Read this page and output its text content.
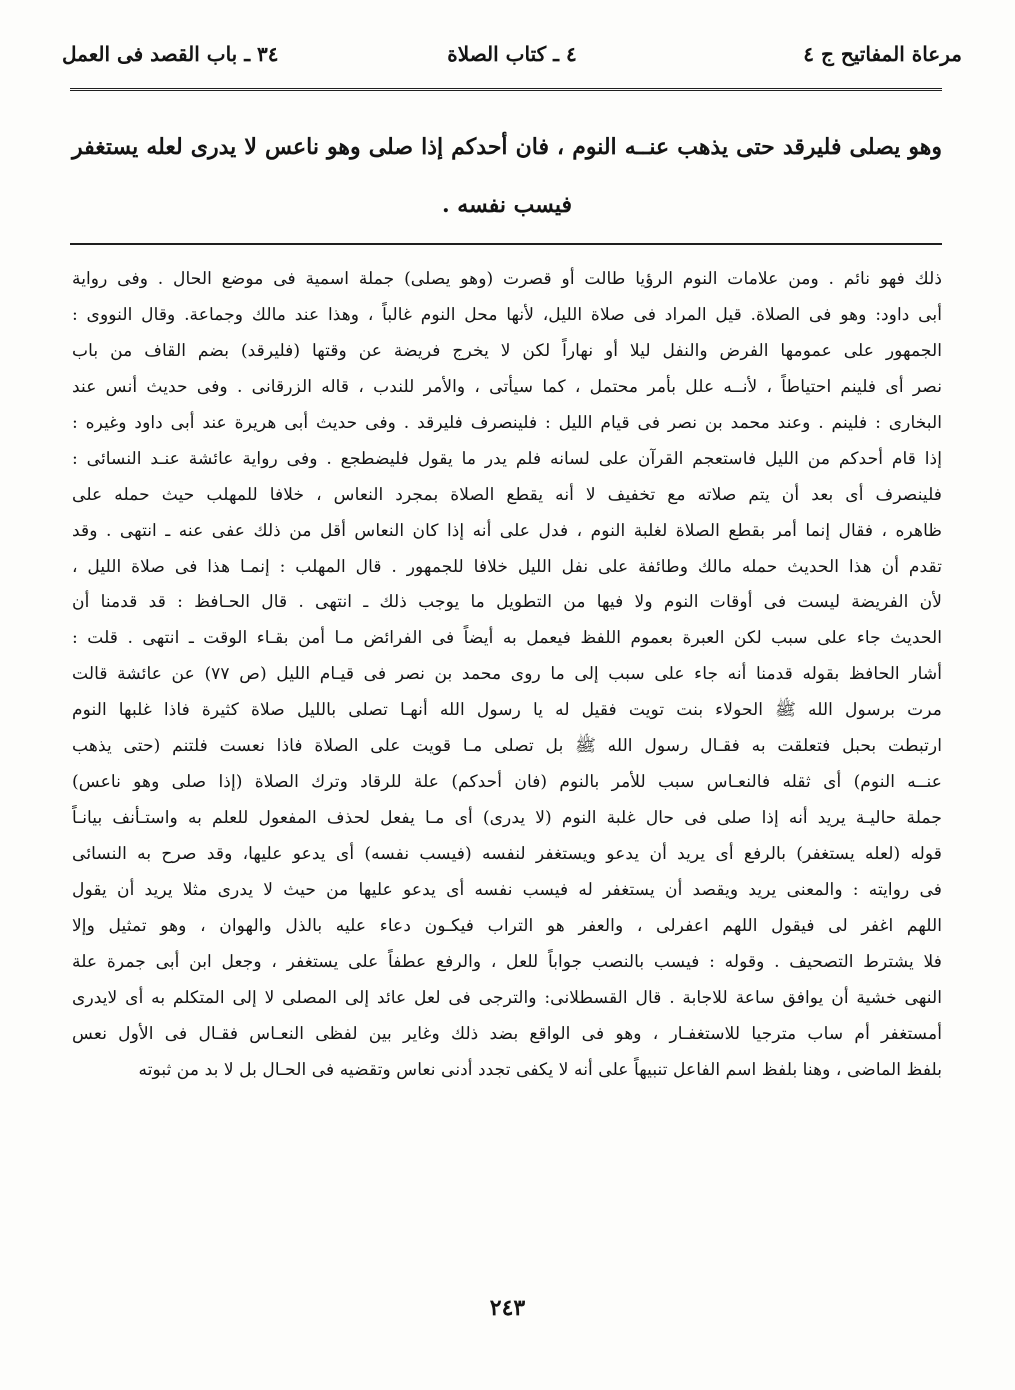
مرعاة المفاتيح ج ٤
٤ ـ كتاب الصلاة
٣٤ ـ باب القصد فى العمل
وهو يصلى فليرقد حتى يذهب عنــه النوم ، فان أحدكم إذا صلى وهو ناعس لا يدرى لعله يستغفر فيسب نفسه .
ذلك فهو نائم . ومن علامات النوم الرؤيا طالت أو قصرت (وهو يصلى) جملة اسمية فى موضع الحال . وفى رواية
أبى داود: وهو فى الصلاة. قيل المراد فى صلاة الليل، لأنها محل النوم غالباً ، وهذا عند مالك وجماعة. وقال النووى :
الجمهور على عمومها الفرض والنفل ليلا أو نهاراً لكن لا يخرج فريضة عن وقتها (فليرقد) بضم القاف من باب
نصر أى فلينم احتياطاً ، لأنــه علل بأمر محتمل ، كما سيأتى ، والأمر للندب ، قاله الزرقانى . وفى حديث أنس عند
البخارى : فلينم . وعند محمد بن نصر فى قيام الليل : فلينصرف فليرقد . وفى حديث أبى هريرة عند أبى داود وغيره :
إذا قام أحدكم من الليل فاستعجم القرآن على لسانه فلم يدر ما يقول فليضطجع . وفى رواية عائشة عنـد النسائى :
فلينصرف أى بعد أن يتم صلاته مع تخفيف لا أنه يقطع الصلاة بمجرد النعاس ، خلافا للمهلب حيث حمله على
ظاهره ، فقال إنما أمر بقطع الصلاة لغلبة النوم ، فدل على أنه إذا كان النعاس أقل من ذلك عفى عنه ـ انتهى . وقد
تقدم أن هذا الحديث حمله مالك وطائفة على نفل الليل خلافا للجمهور . قال المهلب : إنمـا هذا فى صلاة الليل ،
لأن الفريضة ليست فى أوقات النوم ولا فيها من التطويل ما يوجب ذلك ـ انتهى . قال الحـافظ : قد قدمنا أن
الحديث جاء على سبب لكن العبرة بعموم اللفظ فيعمل به أيضاً فى الفرائض مـا أمن بقـاء الوقت ـ انتهى . قلت :
أشار الحافظ بقوله قدمنا أنه جاء على سبب إلى ما روى محمد بن نصر فى قيـام الليل (ص ٧٧) عن عائشة قالت
مرت برسول الله ﷺ الحولاء بنت تويت فقيل له يا رسول الله أنهـا تصلى بالليل صلاة كثيرة فاذا غلبها النوم
ارتبطت بحبل فتعلقت به فقـال رسول الله ﷺ بل تصلى مـا قويت على الصلاة فاذا نعست فلتنم (حتى يذهب
عنــه النوم) أى ثقله فالنعـاس سبب للأمر بالنوم (فان أحدكم) علة للرقاد وترك الصلاة (إذا صلى وهو ناعس)
جملة حاليـة يريد أنه إذا صلى فى حال غلبة النوم (لا يدرى) أى مـا يفعل لحذف المفعول للعلم به واستـأنف بيانـاً
قوله (لعله يستغفر) بالرفع أى يريد أن يدعو ويستغفر لنفسه (فيسب نفسه) أى يدعو عليها، وقد صرح به النسائى
فى روايته : والمعنى يريد ويقصد أن يستغفر له فيسب نفسه أى يدعو عليها من حيث لا يدرى مثلا يريد أن يقول
اللهم اغفر لى فيقول اللهم اعفرلى ، والعفر هو التراب فيكـون دعاء عليه بالذل والهوان ، وهو تمثيل وإلا
فلا يشترط التصحيف . وقوله : فيسب بالنصب جواباً للعل ، والرفع عطفاً على يستغفر ، وجعل ابن أبى جمرة علة
النهى خشية أن يوافق ساعة للاجابة . قال القسطلانى: والترجى فى لعل عائد إلى المصلى لا إلى المتكلم به أى لايدرى
أمستغفر أم ساب مترجيا للاستغفـار ، وهو فى الواقع بضد ذلك وغاير بين لفظى النعـاس فقـال فى الأول نعس
بلفظ الماضى ، وهنا بلفظ اسم الفاعل تنبيهاً على أنه لا يكفى تجدد أدنى نعاس وتقضيه فى الحـال بل لا بد من ثبوته
٢٤٣
